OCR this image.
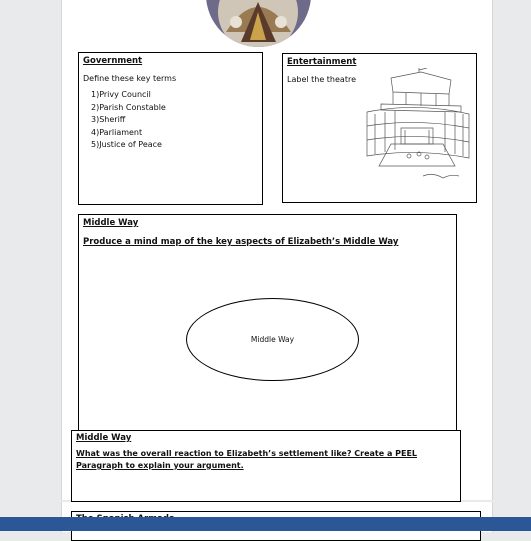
Government

Define these key terms

1)Privy Council
2)Parish Constable
3)Sheriff
4)Parliament
5)Justice of Peace

Entertainment

Label the theatre

Middle Way

Produce a mind map of the key aspects of Elizabeth’s Middle Way

Middle Way

Middle Way

What was the overall reaction to Elizabeth’s settlement like? Create a PEEL Paragraph to explain your argument.
